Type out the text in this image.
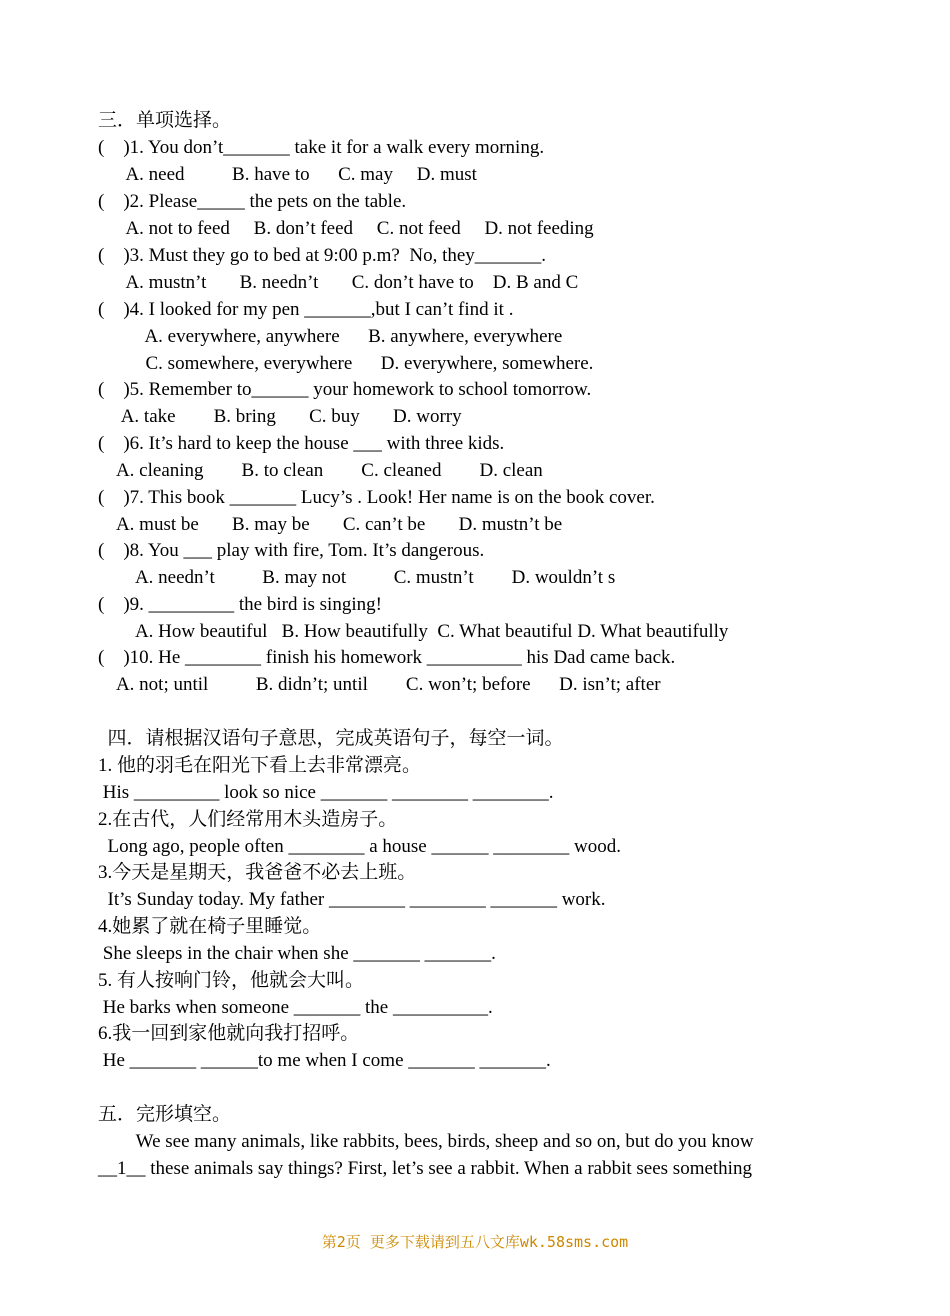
三．单项选择。
(    )1. You don’t_______ take it for a walk every morning.
A. need          B. have to      C. may     D. must
(    )2. Please_____ the pets on the table.
A. not to feed     B. don’t feed     C. not feed     D. not feeding
(    )3. Must they go to bed at 9:00 p.m?  No, they_______.
A. mustn’t       B. needn’t       C. don’t have to    D. B and C
(    )4. I looked for my pen _______,but I can’t find it .
A. everywhere, anywhere      B. anywhere, everywhere
C. somewhere, everywhere      D. everywhere, somewhere.
(    )5. Remember to______ your homework to school tomorrow.
A. take        B. bring       C. buy       D. worry
(    )6. It’s hard to keep the house ___ with three kids.
A. cleaning        B. to clean        C. cleaned        D. clean
(    )7. This book _______ Lucy’s . Look! Her name is on the book cover.
A. must be       B. may be       C. can’t be       D. mustn’t be
(    )8. You ___ play with fire, Tom. It’s dangerous.
A. needn’t          B. may not          C. mustn’t        D. wouldn’t s
(    )9. _________ the bird is singing!
A. How beautiful   B. How beautifully  C. What beautiful D. What beautifully
(    )10. He ________ finish his homework __________ his Dad came back.
A. not; until          B. didn’t; until        C. won’t; before      D. isn’t; after
四．请根据汉语句子意思，完成英语句子，每空一词。
1. 他的羽毛在阳光下看上去非常漂亮。
His _________ look so nice _______ ________ ________.
2.在古代，人们经常用木头造房子。
Long ago, people often ________ a house ______ ________ wood.
3.今天是星期天，我爸爸不必去上班。
It’s Sunday today. My father ________ ________ _______ work.
4.她累了就在椅子里睡觉。
She sleeps in the chair when she _______ _______.
5. 有人按响门铃，他就会大叫。
He barks when someone _______ the __________.
6.我一回到家他就向我打招呼。
He _______ ______to me when I come _______ _______.
五．完形填空。
We see many animals, like rabbits, bees, birds, sheep and so on, but do you know
__1__ these animals say things? First, let’s see a rabbit. When a rabbit sees something
第2页 更多下载请到五八文库wk.58sms.com
